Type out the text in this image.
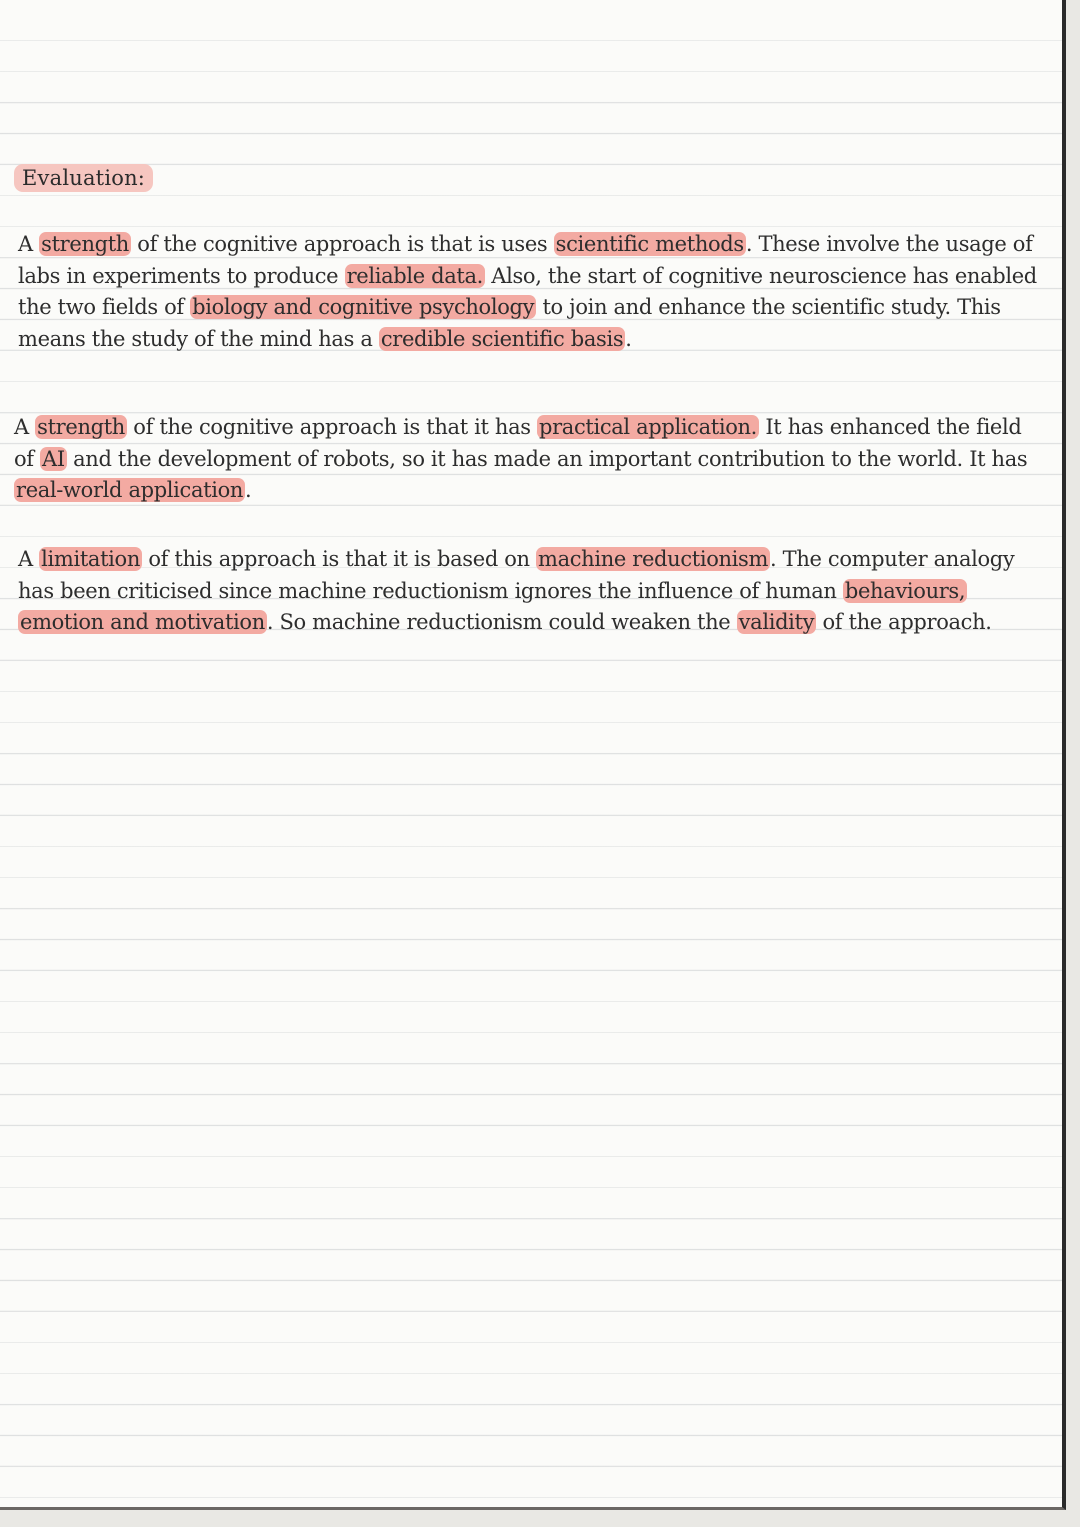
Evaluation:

A strength of the cognitive approach is that is uses scientific methods. These involve the usage of labs in experiments to produce reliable data. Also, the start of cognitive neuroscience has enabled the two fields of biology and cognitive psychology to join and enhance the scientific study. This means the study of the mind has a credible scientific basis.

A strength of the cognitive approach is that it has practical application. It has enhanced the field of AI and the development of robots, so it has made an important contribution to the world. It has real-world application.

A limitation of this approach is that it is based on machine reductionism. The computer analogy has been criticised since machine reductionism ignores the influence of human behaviours, emotion and motivation. So machine reductionism could weaken the validity of the approach.
